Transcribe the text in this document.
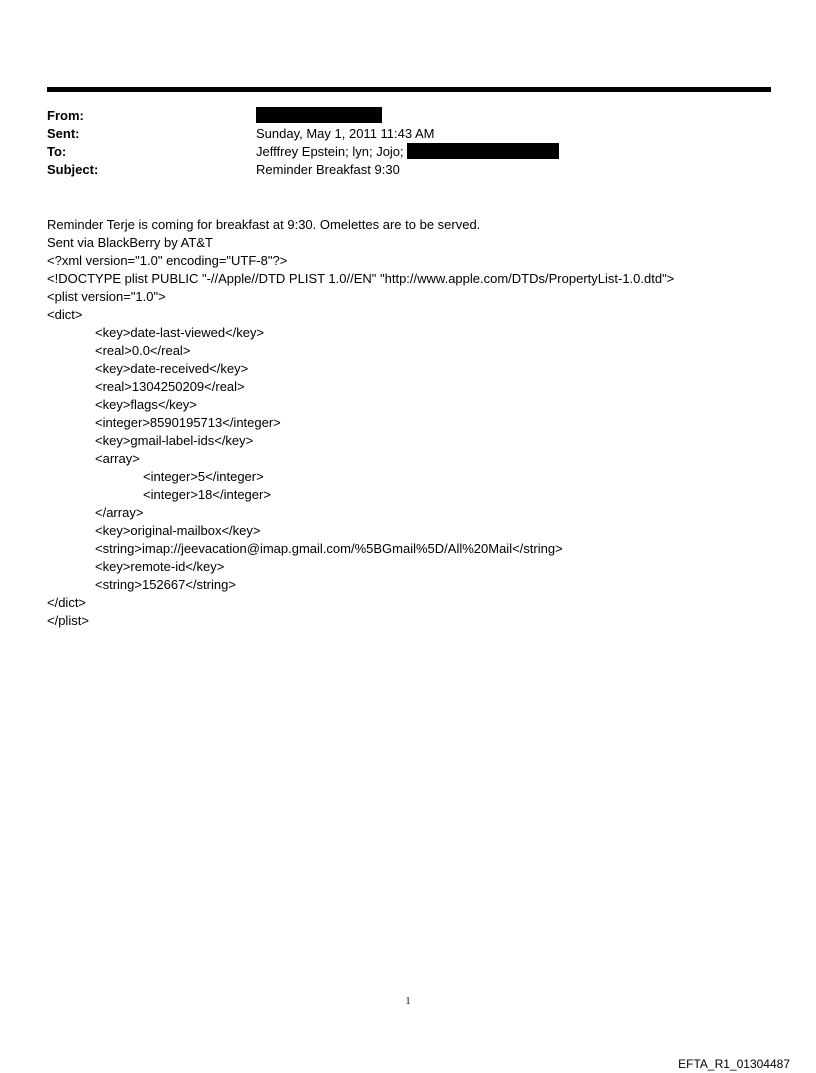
From:
Sent:	Sunday, May 1, 2011 11:43 AM
To:	Jefffrey Epstein; lyn; Jojo;
Subject:	Reminder Breakfast 9:30
Reminder Terje is coming for breakfast at 9:30. Omelettes are to be served.
Sent via BlackBerry by AT&T
<?xml version="1.0" encoding="UTF-8"?>
<!DOCTYPE plist PUBLIC "-//Apple//DTD PLIST 1.0//EN" "http://www.apple.com/DTDs/PropertyList-1.0.dtd">
<plist version="1.0">
<dict>
<key>date-last-viewed</key>
<real>0.0</real>
<key>date-received</key>
<real>1304250209</real>
<key>flags</key>
<integer>8590195713</integer>
<key>gmail-label-ids</key>
<array>
<integer>5</integer>
<integer>18</integer>
</array>
<key>original-mailbox</key>
<string>imap://jeevacation@imap.gmail.com/%5BGmail%5D/All%20Mail</string>
<key>remote-id</key>
<string>152667</string>
</dict>
</plist>
1
EFTA_R1_01304487
